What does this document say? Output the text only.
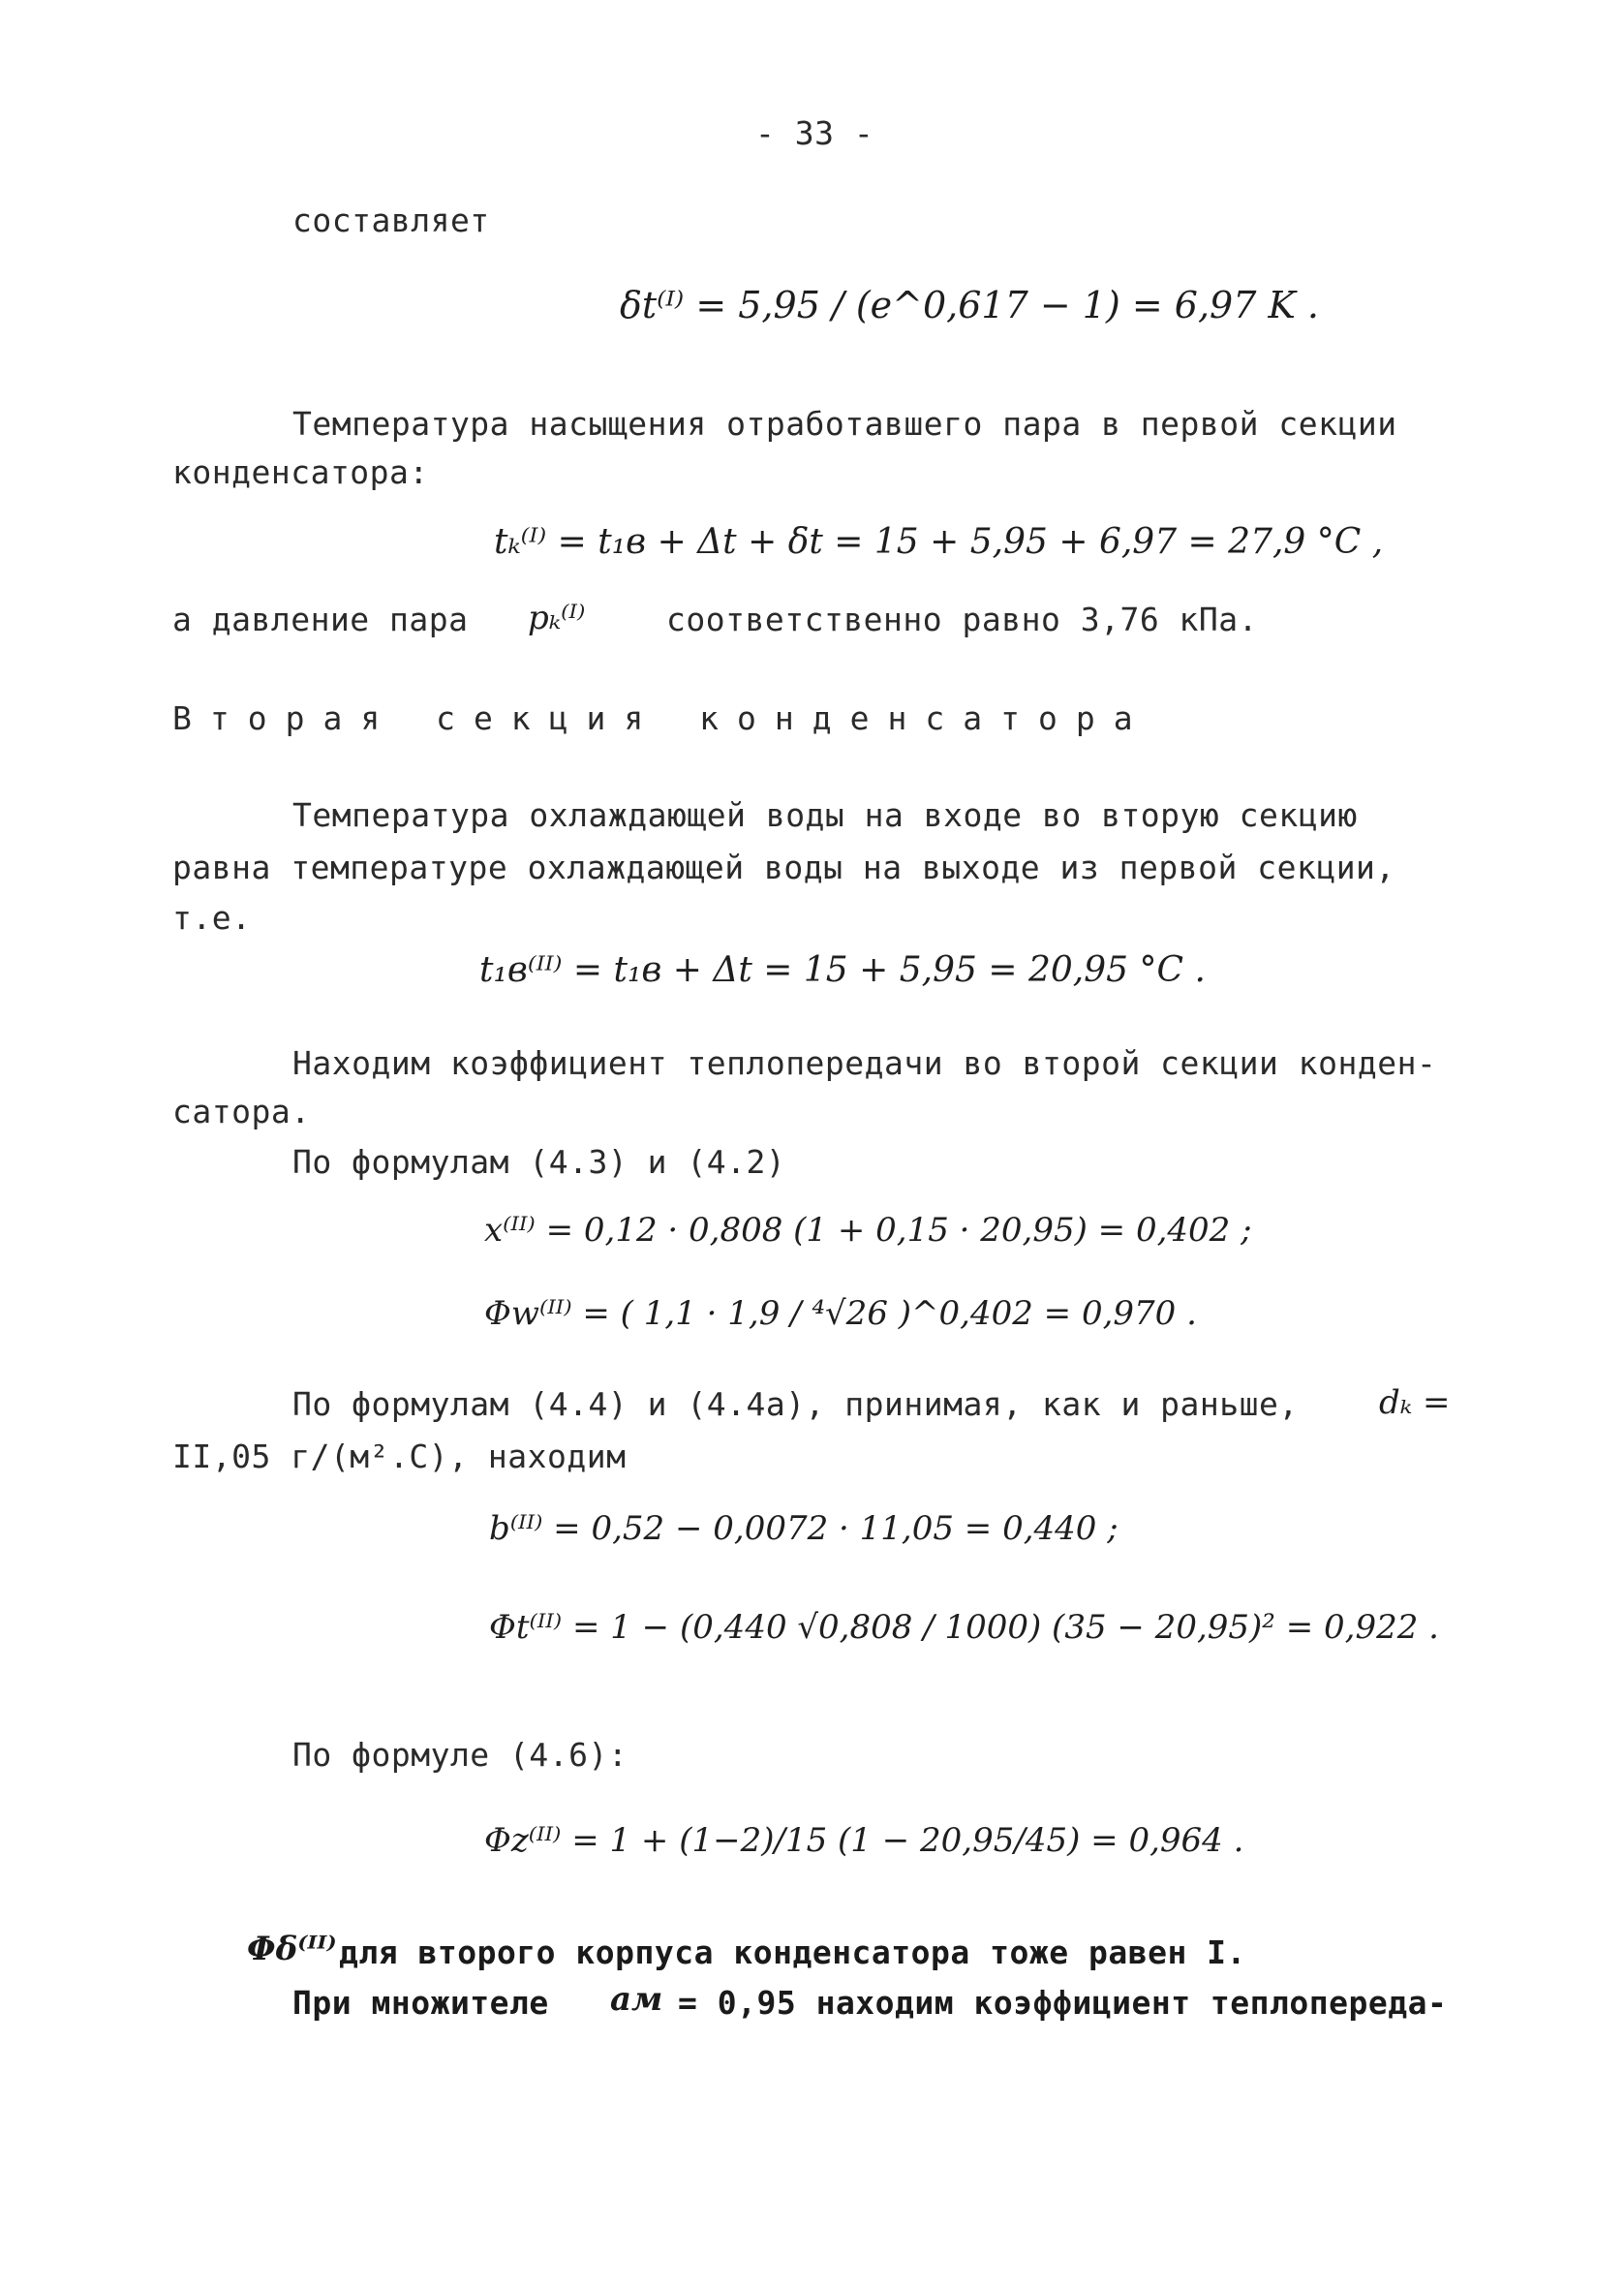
- 33 -
составляет
δt⁽ᴵ⁾ = 5,95 / (e^0,617 − 1) = 6,97 K .
Температура насыщения отработавшего пара в первой секции
конденсатора:
tₖ⁽ᴵ⁾ = t₁в + Δt + δt = 15 + 5,95 + 6,97 = 27,9 °C ,
а давление пара pₖ⁽ᴵ⁾	соответственно равно 3,76 кПа.
Вторая секция конденсатора
Температура охлаждающей воды на входе во вторую секцию
равна температуре охлаждающей воды на выходе из первой секции,
т.е.
t₁в⁽ᴵᴵ⁾ = t₁в + Δt = 15 + 5,95 = 20,95 °C .
Находим коэффициент теплопередачи во второй секции конден-
сатора.
По формулам (4.3) и (4.2)
x⁽ᴵᴵ⁾ = 0,12 · 0,808 (1 + 0,15 · 20,95) = 0,402 ;
Φw⁽ᴵᴵ⁾ = ( 1,1 · 1,9 / ⁴√26 )^0,402 = 0,970 .
По формулам (4.4) и (4.4а), принимая, как и раньше, dₖ =
II,05 г/(м².С), находим
b⁽ᴵᴵ⁾ = 0,52 − 0,0072 · 11,05 = 0,440 ;
Φt⁽ᴵᴵ⁾ = 1 − (0,440 √0,808 / 1000) (35 − 20,95)² = 0,922 .
По формуле (4.6):
Φz⁽ᴵᴵ⁾ = 1 + (1−2)/15 (1 − 20,95/45) = 0,964 .
Φδ⁽ᴵᴵ⁾ для второго корпуса конденсатора тоже равен I.
При множителе aм = 0,95 находим коэффициент теплопереда-
